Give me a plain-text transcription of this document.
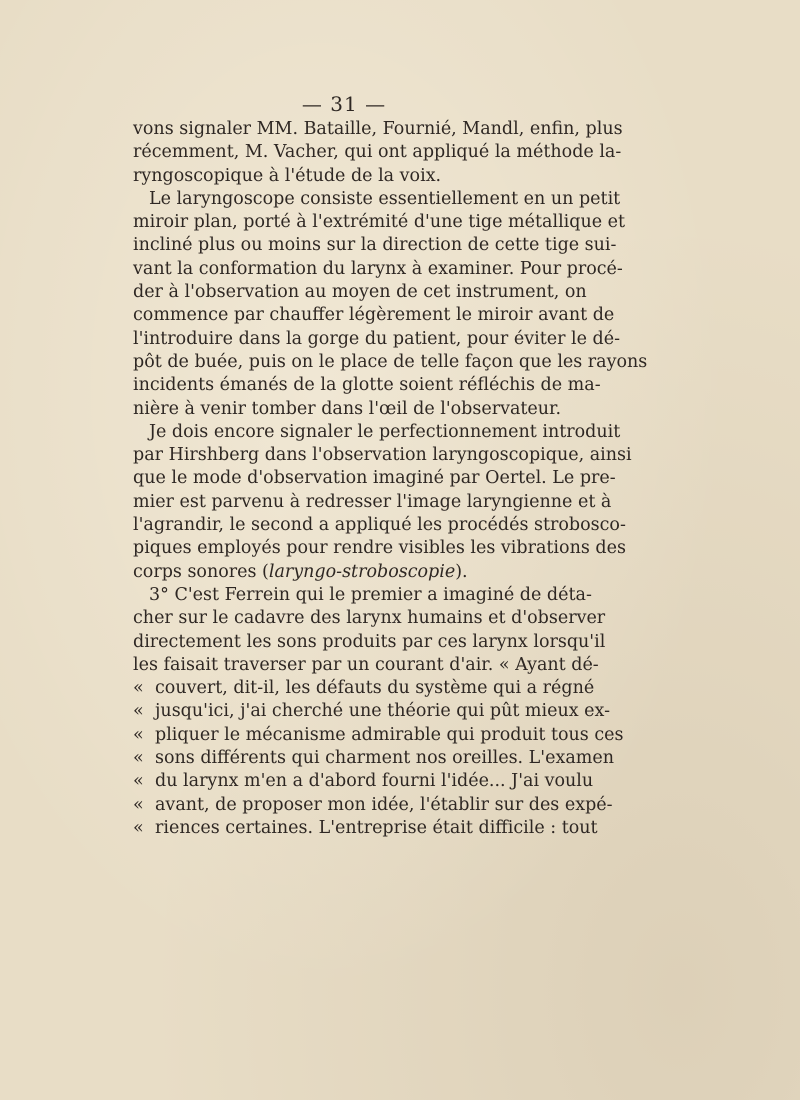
— 31 —
vons signaler MM. Bataille, Fournié, Mandl, enfin, plus
récemment, M. Vacher, qui ont appliqué la méthode la-
ryngoscopique à l'étude de la voix.
Le laryngoscope consiste essentiellement en un petit
miroir plan, porté à l'extrémité d'une tige métallique et
incliné plus ou moins sur la direction de cette tige sui-
vant la conformation du larynx à examiner. Pour procé-
der à l'observation au moyen de cet instrument, on
commence par chauffer légèrement le miroir avant de
l'introduire dans la gorge du patient, pour éviter le dé-
pôt de buée, puis on le place de telle façon que les rayons
incidents émanés de la glotte soient réfléchis de ma-
nière à venir tomber dans l'œil de l'observateur.
Je dois encore signaler le perfectionnement introduit
par Hirshberg dans l'observation laryngoscopique, ainsi
que le mode d'observation imaginé par Oertel. Le pre-
mier est parvenu à redresser l'image laryngienne et à
l'agrandir, le second a appliqué les procédés strobosco-
piques employés pour rendre visibles les vibrations des
corps sonores (laryngo-stroboscopie).
3° C'est Ferrein qui le premier a imaginé de déta-
cher sur le cadavre des larynx humains et d'observer
directement les sons produits par ces larynx lorsqu'il
les faisait traverser par un courant d'air. « Ayant dé-
« couvert, dit-il, les défauts du système qui a régné
« jusqu'ici, j'ai cherché une théorie qui pût mieux ex-
« pliquer le mécanisme admirable qui produit tous ces
« sons différents qui charment nos oreilles. L'examen
« du larynx m'en a d'abord fourni l'idée... J'ai voulu
« avant, de proposer mon idée, l'établir sur des expé-
« riences certaines. L'entreprise était difficile : tout
